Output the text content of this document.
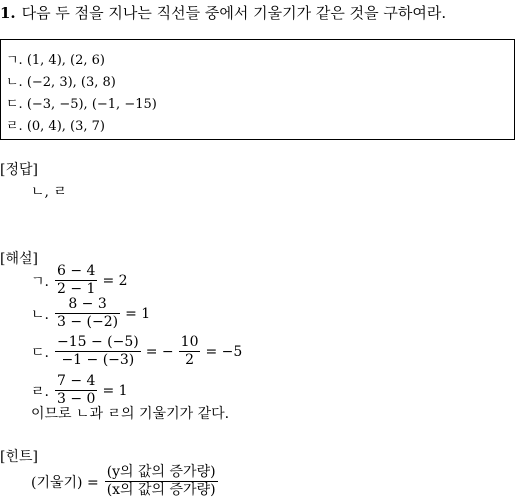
1. 다음 두 점을 지나는 직선들 중에서 기울기가 같은 것을 구하여라.
ㄱ. (1, 4), (2, 6)
ㄴ. (−2, 3), (3, 8)
ㄷ. (−3, −5), (−1, −15)
ㄹ. (0, 4), (3, 7)
[정답]
ㄴ, ㄹ
[해설]
ㄱ. $\frac{6 - 4}{2 - 1} = 2$
ㄴ. $\frac{8 - 3}{3 - (-2)} = 1$
ㄷ. $\frac{-15 - (-5)}{-1 - (-3)}$ = − $\frac{10}{2} = -5$
ㄹ. $\frac{7 - 4}{3 - 0} = 1$
이므로 ㄴ과 ㄹ의 기울기가 같다.
[힌트]
(기울기) = $\frac{\text{(y의 값의 증가량)}}{\text{(x의 값의 증가량)}}$
